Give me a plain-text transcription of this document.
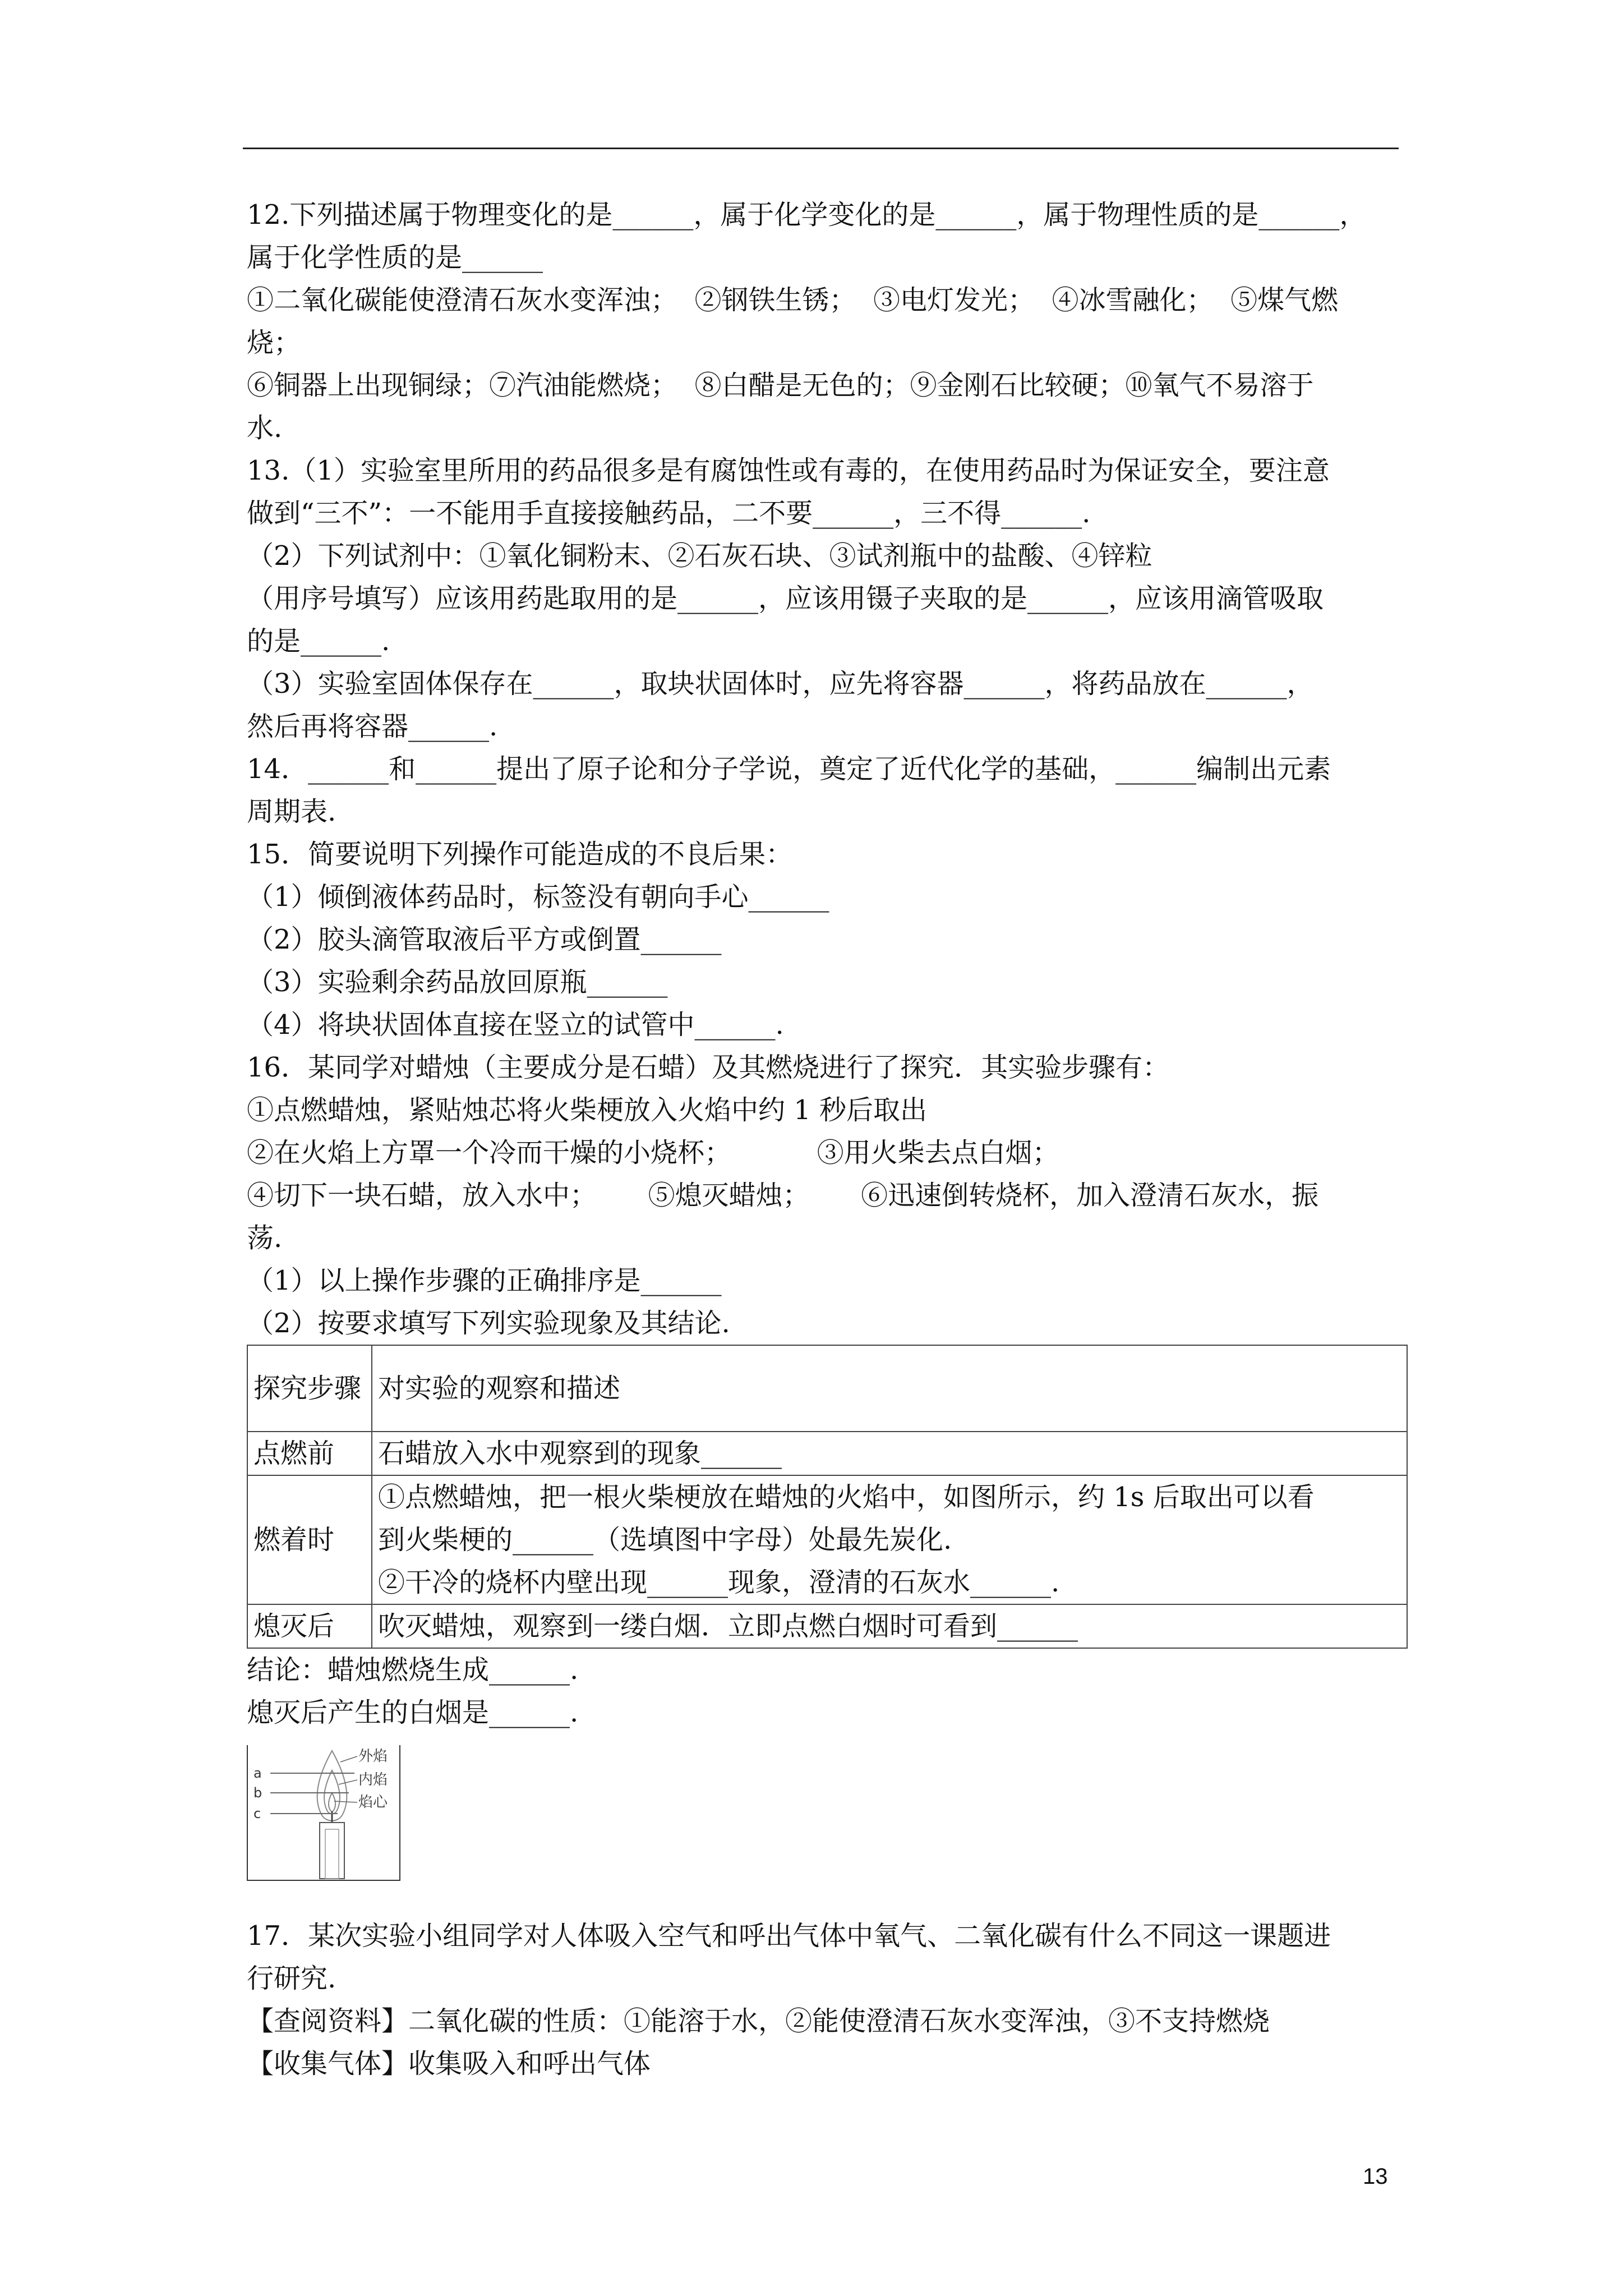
12.下列描述属于物理变化的是______，属于化学变化的是______，属于物理性质的是______，

属于化学性质的是______

①二氧化碳能使澄清石灰水变浑浊；  ②钢铁生锈；  ③电灯发光；  ④冰雪融化；  ⑤煤气燃

烧；

⑥铜器上出现铜绿；⑦汽油能燃烧；  ⑧白醋是无色的；⑨金刚石比较硬；⑩氧气不易溶于

水.

13.（1）实验室里所用的药品很多是有腐蚀性或有毒的，在使用药品时为保证安全，要注意

做到“三不”：一不能用手直接接触药品，二不要______，三不得______.

（2）下列试剂中：①氧化铜粉末、②石灰石块、③试剂瓶中的盐酸、④锌粒

（用序号填写）应该用药匙取用的是______，应该用镊子夹取的是______，应该用滴管吸取

的是______.

（3）实验室固体保存在______，取块状固体时，应先将容器______，将药品放在______，

然后再将容器______.

14．______和______提出了原子论和分子学说，奠定了近代化学的基础，______编制出元素

周期表.

15．简要说明下列操作可能造成的不良后果：

（1）倾倒液体药品时，标签没有朝向手心______

（2）胶头滴管取液后平方或倒置______

（3）实验剩余药品放回原瓶______

（4）将块状固体直接在竖立的试管中______.

16．某同学对蜡烛（主要成分是石蜡）及其燃烧进行了探究．其实验步骤有：

①点燃蜡烛，紧贴烛芯将火柴梗放入火焰中约 1 秒后取出

②在火焰上方罩一个冷而干燥的小烧杯；          ③用火柴去点白烟；

④切下一块石蜡，放入水中；      ⑤熄灭蜡烛；      ⑥迅速倒转烧杯，加入澄清石灰水，振

荡.

（1）以上操作步骤的正确排序是______

（2）按要求填写下列实验现象及其结论.

探究步骤	对实验的观察和描述
点燃前	石蜡放入水中观察到的现象______
燃着时	①点燃蜡烛，把一根火柴梗放在蜡烛的火焰中，如图所示，约 1s 后取出可以看
到火柴梗的______（选填图中字母）处最先炭化.
②干冷的烧杯内壁出现______现象，澄清的石灰水______.

熄灭后	吹灭蜡烛，观察到一缕白烟．立即点燃白烟时可看到______

结论：蜡烛燃烧生成______.

熄灭后产生的白烟是______.

外焰
内焰
焰心
a
b
c

17．某次实验小组同学对人体吸入空气和呼出气体中氧气、二氧化碳有什么不同这一课题进

行研究.

【查阅资料】二氧化碳的性质：①能溶于水，②能使澄清石灰水变浑浊，③不支持燃烧

【收集气体】收集吸入和呼出气体

13
